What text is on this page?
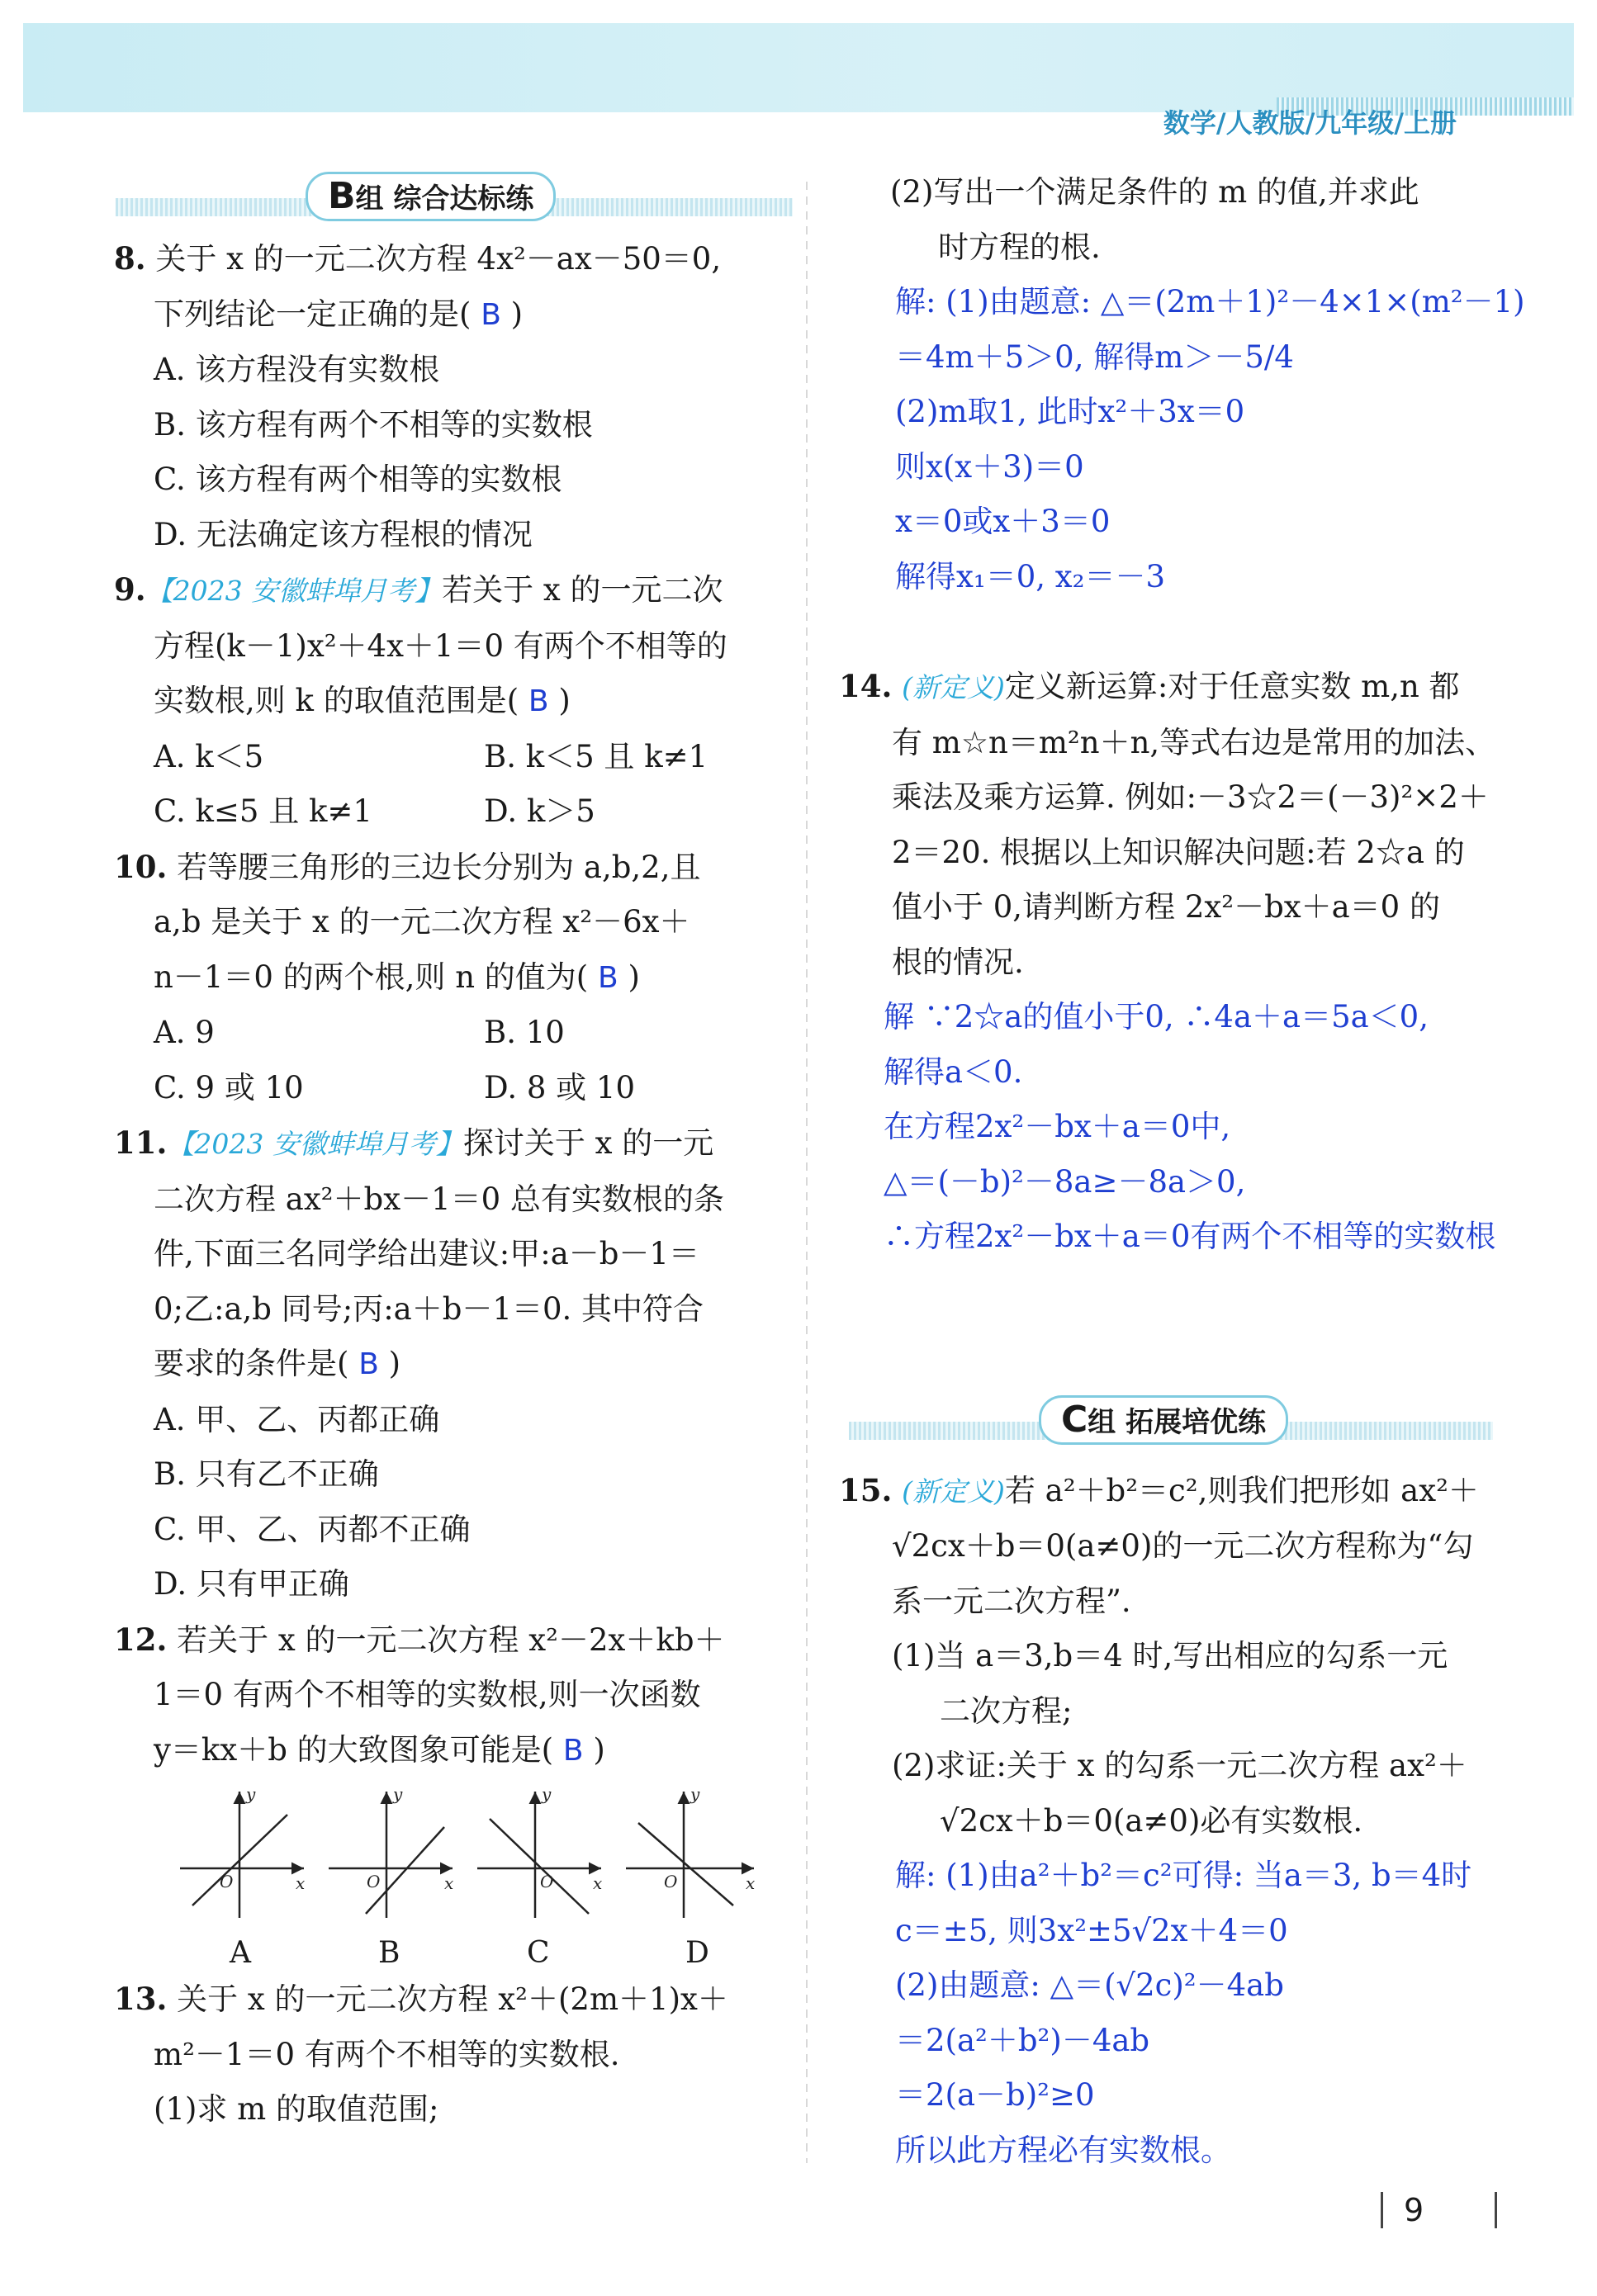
数学/人教版/九年级/上册
B组 综合达标练

8. 关于 x 的一元二次方程 4x²－ax－50＝0,

下列结论一定正确的是( B )

A. 该方程没有实数根

B. 该方程有两个不相等的实数根

C. 该方程有两个相等的实数根

D. 无法确定该方程根的情况

9.【2023 安徽蚌埠月考】若关于 x 的一元二次

方程(k－1)x²＋4x＋1＝0 有两个不相等的

实数根,则 k 的取值范围是( B )

A. k＜5	B. k＜5 且 k≠1

C. k≤5 且 k≠1	D. k＞5

10. 若等腰三角形的三边长分别为 a,b,2,且

a,b 是关于 x 的一元二次方程 x²－6x＋

n－1＝0 的两个根,则 n 的值为( B )

A. 9	B. 10

C. 9 或 10	D. 8 或 10

11.【2023 安徽蚌埠月考】探讨关于 x 的一元

二次方程 ax²＋bx－1＝0 总有实数根的条

件,下面三名同学给出建议:甲:a－b－1＝

0;乙:a,b 同号;丙:a＋b－1＝0. 其中符合

要求的条件是( B )

A. 甲、乙、丙都正确

B. 只有乙不正确

C. 甲、乙、丙都不正确

D. 只有甲正确

12. 若关于 x 的一元二次方程 x²－2x＋kb＋

1＝0 有两个不相等的实数根,则一次函数

y＝kx＋b 的大致图象可能是( B )

y
x
O
y
x
O
y
x
O
y
x
O
A	B	C	D

13. 关于 x 的一元二次方程 x²＋(2m＋1)x＋

m²－1＝0 有两个不相等的实数根.

(1)求 m 的取值范围;

(2)写出一个满足条件的 m 的值,并求此

时方程的根.

解: (1)由题意: △＝(2m＋1)²－4×1×(m²－1)

＝4m＋5＞0, 解得m＞－5/4

(2)m取1, 此时x²＋3x＝0

则x(x＋3)＝0

x＝0或x＋3＝0

解得x₁＝0, x₂＝－3

14. (新定义)定义新运算:对于任意实数 m,n 都

有 m☆n＝m²n＋n,等式右边是常用的加法、

乘法及乘方运算. 例如:－3☆2＝(－3)²×2＋

2＝20. 根据以上知识解决问题:若 2☆a 的

值小于 0,请判断方程 2x²－bx＋a＝0 的

根的情况.

解 ∵2☆a的值小于0, ∴4a＋a＝5a＜0,

解得a＜0.

在方程2x²－bx＋a＝0中,

△＝(－b)²－8a≥－8a＞0,

∴方程2x²－bx＋a＝0有两个不相等的实数根

C组 拓展培优练

15. (新定义)若 a²＋b²＝c²,则我们把形如 ax²＋

√2cx＋b＝0(a≠0)的一元二次方程称为“勾

系一元二次方程”.

(1)当 a＝3,b＝4 时,写出相应的勾系一元

二次方程;

(2)求证:关于 x 的勾系一元二次方程 ax²＋

√2cx＋b＝0(a≠0)必有实数根.

解: (1)由a²＋b²＝c²可得: 当a＝3, b＝4时

c＝±5, 则3x²±5√2x＋4＝0

(2)由题意: △＝(√2c)²－4ab

＝2(a²＋b²)－4ab

＝2(a－b)²≥0

所以此方程必有实数根。

9
